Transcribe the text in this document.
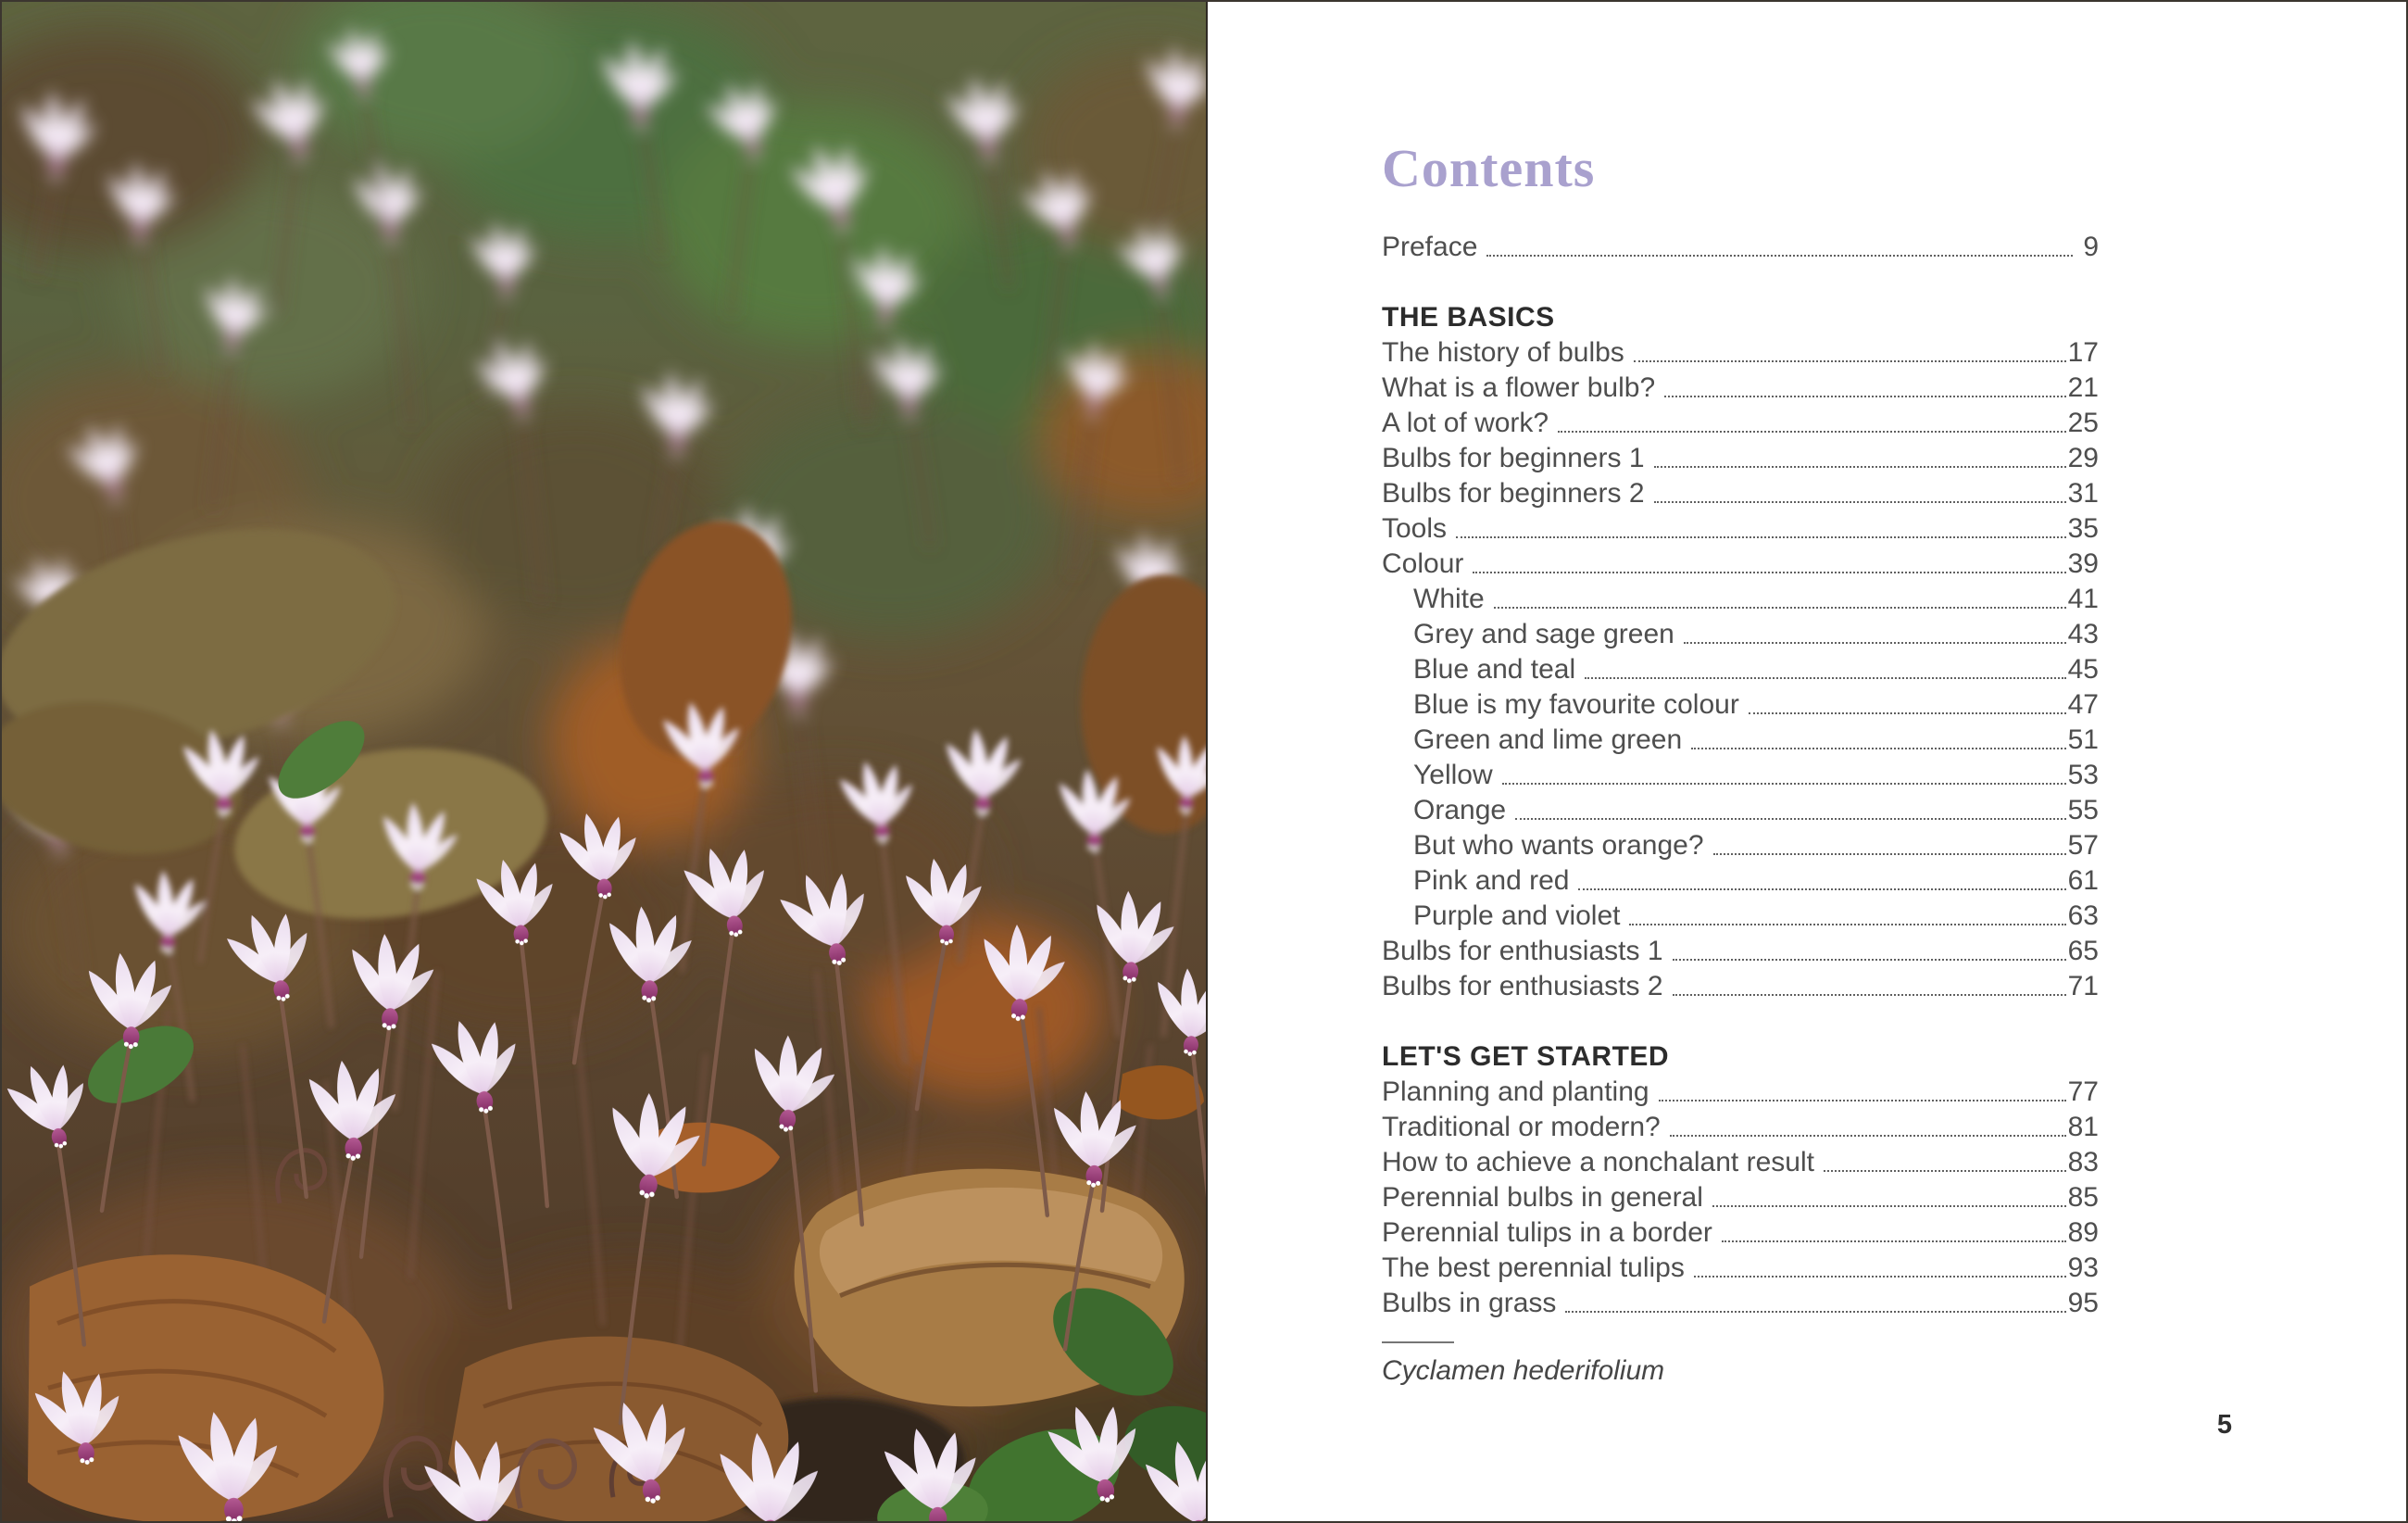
Contents
Preface	9
THE BASICS
The history of bulbs	17
What is a flower bulb?	21
A lot of work?	25
Bulbs for beginners 1	29
Bulbs for beginners 2	31
Tools	35
Colour	39
White	41
Grey and sage green	43
Blue and teal	45
Blue is my favourite colour	47
Green and lime green	51
Yellow	53
Orange	55
But who wants orange?	57
Pink and red	61
Purple and violet	63
Bulbs for enthusiasts 1	65
Bulbs for enthusiasts 2	71
LET'S GET STARTED
Planning and planting	77
Traditional or modern?	81
How to achieve a nonchalant result	83
Perennial bulbs in general	85
Perennial tulips in a border	89
The best perennial tulips	93
Bulbs in grass	95

Cyclamen hederifolium

5
